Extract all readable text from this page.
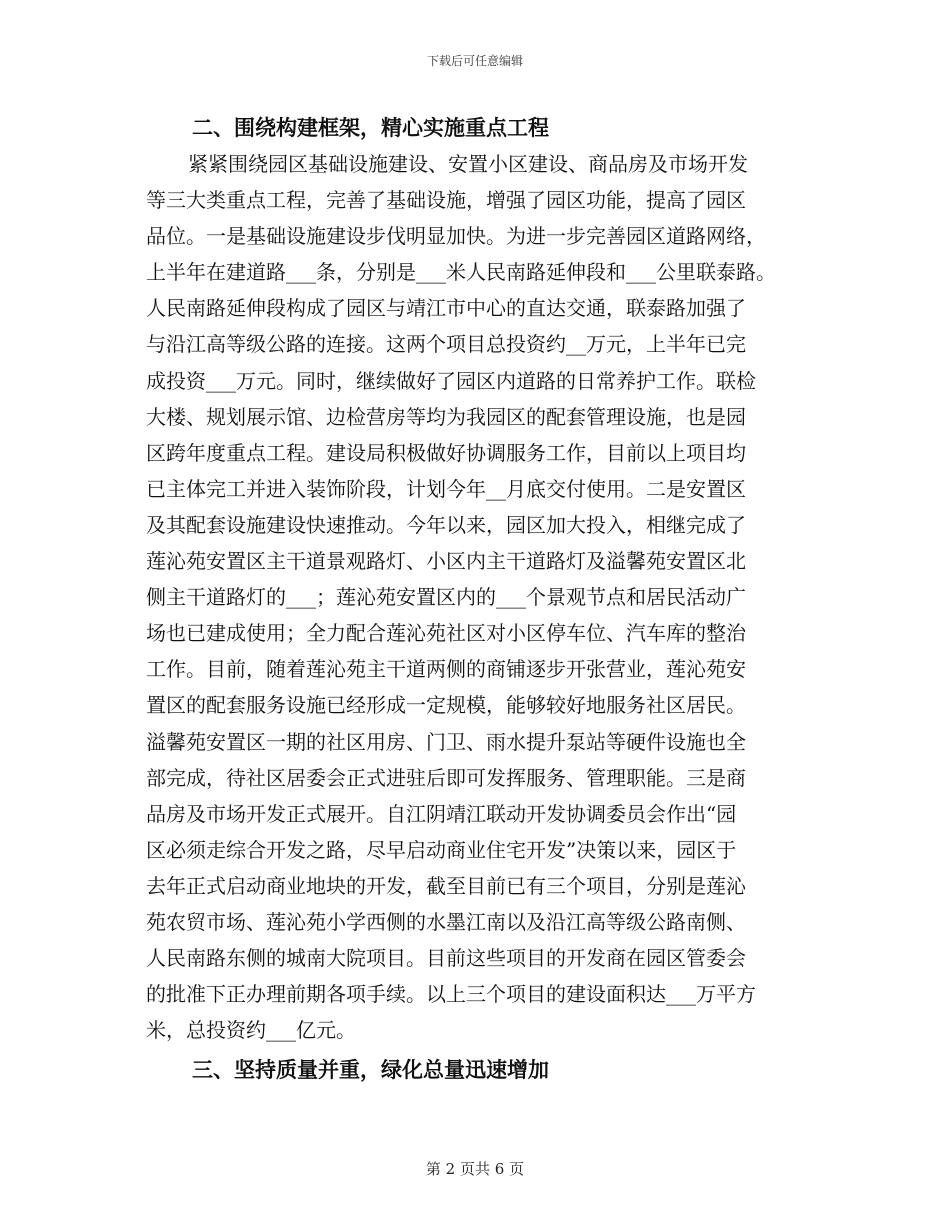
下载后可任意编辑
二、围绕构建框架，精心实施重点工程
紧紧围绕园区基础设施建设、安置小区建设、商品房及市场开发
等三大类重点工程，完善了基础设施，增强了园区功能，提高了园区
品位。一是基础设施建设步伐明显加快。为进一步完善园区道路网络，
上半年在建道路___条，分别是___米人民南路延伸段和___公里联泰路。
人民南路延伸段构成了园区与靖江市中心的直达交通，联泰路加强了
与沿江高等级公路的连接。这两个项目总投资约__万元，上半年已完
成投资___万元。同时，继续做好了园区内道路的日常养护工作。联检
大楼、规划展示馆、边检营房等均为我园区的配套管理设施，也是园
区跨年度重点工程。建设局积极做好协调服务工作，目前以上项目均
已主体完工并进入装饰阶段，计划今年__月底交付使用。二是安置区
及其配套设施建设快速推动。今年以来，园区加大投入，相继完成了
莲沁苑安置区主干道景观路灯、小区内主干道路灯及溢馨苑安置区北
侧主干道路灯的___；莲沁苑安置区内的___个景观节点和居民活动广
场也已建成使用；全力配合莲沁苑社区对小区停车位、汽车库的整治
工作。目前，随着莲沁苑主干道两侧的商铺逐步开张营业，莲沁苑安
置区的配套服务设施已经形成一定规模，能够较好地服务社区居民。
溢馨苑安置区一期的社区用房、门卫、雨水提升泵站等硬件设施也全
部完成，待社区居委会正式进驻后即可发挥服务、管理职能。三是商
品房及市场开发正式展开。自江阴靖江联动开发协调委员会作出“园
区必须走综合开发之路，尽早启动商业住宅开发”决策以来，园区于
去年正式启动商业地块的开发，截至目前已有三个项目，分别是莲沁
苑农贸市场、莲沁苑小学西侧的水墨江南以及沿江高等级公路南侧、
人民南路东侧的城南大院项目。目前这些项目的开发商在园区管委会
的批准下正办理前期各项手续。以上三个项目的建设面积达___万平方
米，总投资约___亿元。
三、坚持质量并重，绿化总量迅速增加
第 2 页共 6 页
